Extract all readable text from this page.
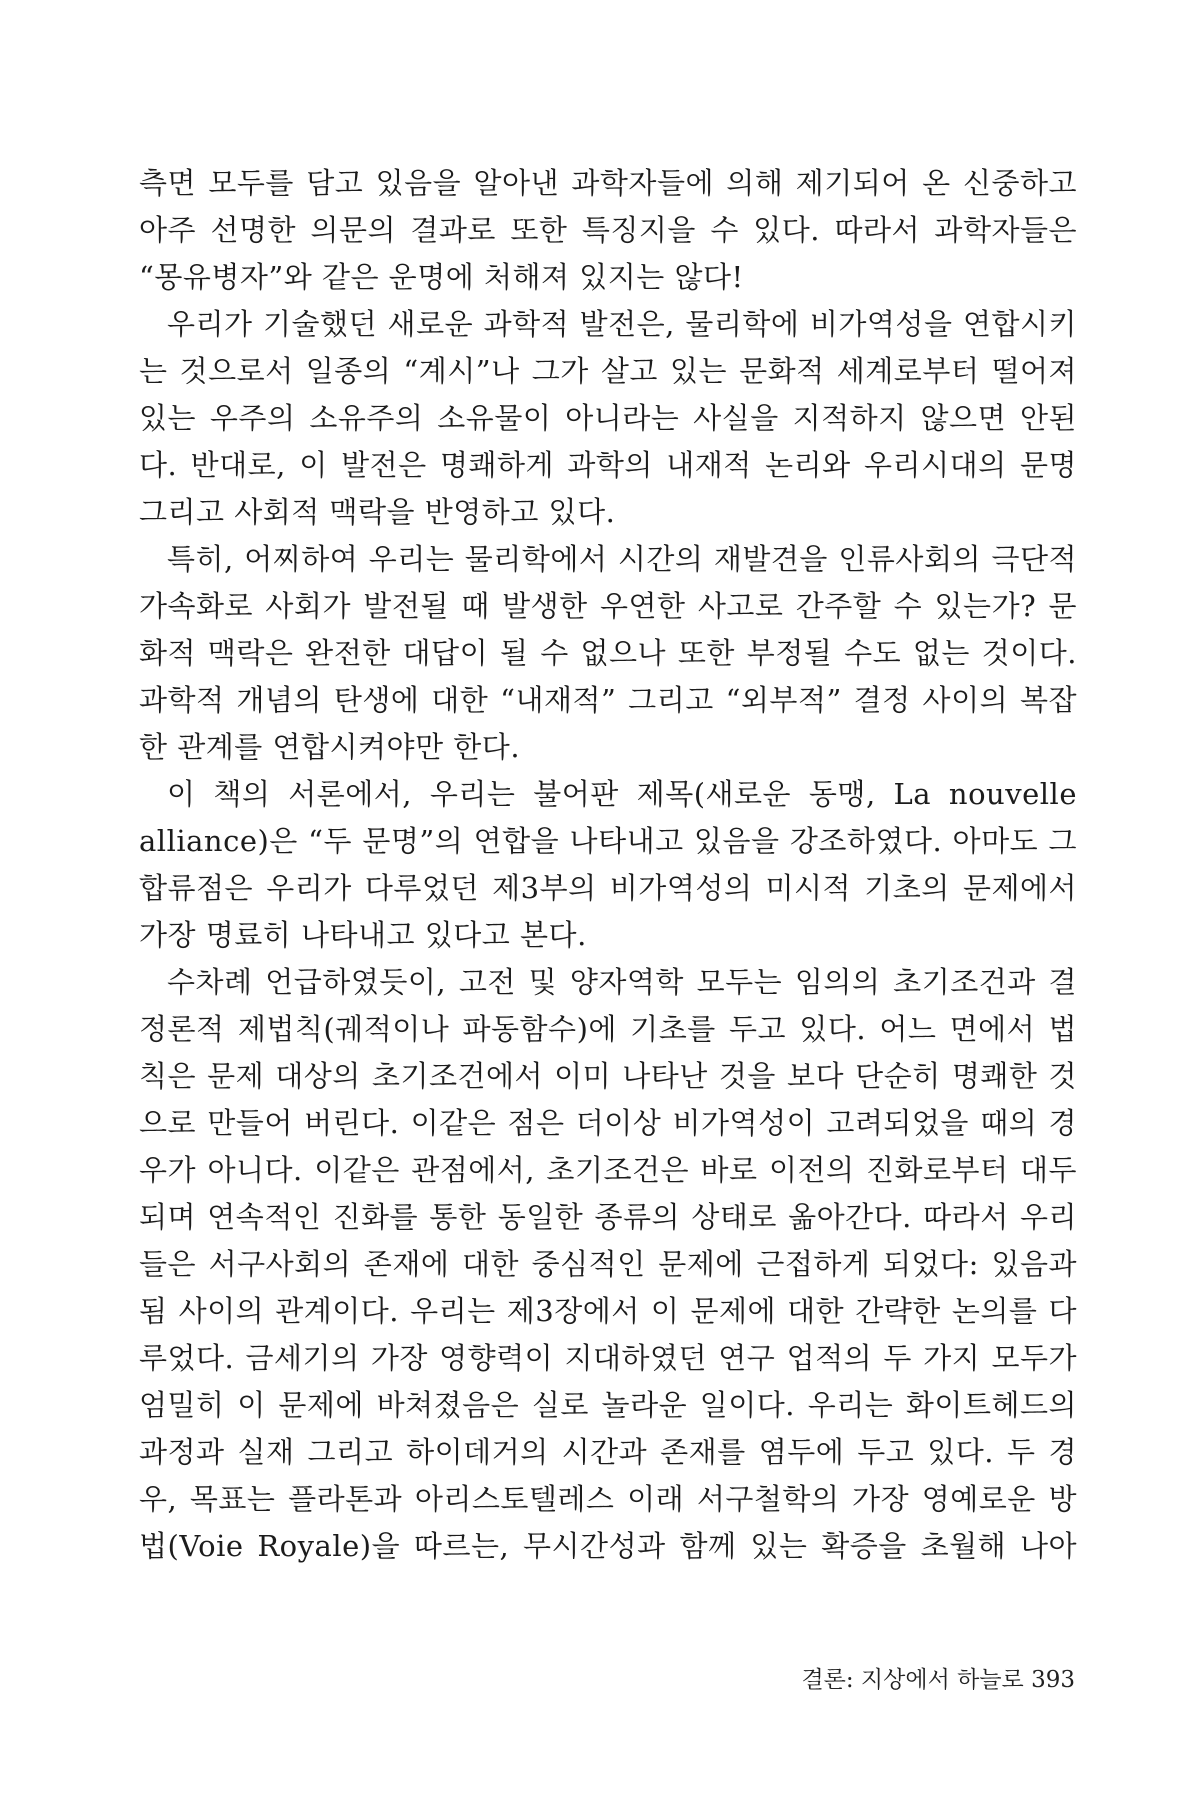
측면 모두를 담고 있음을 알아낸 과학자들에 의해 제기되어 온 신중하고
아주 선명한 의문의 결과로 또한 특징지을 수 있다. 따라서 과학자들은
“몽유병자”와 같은 운명에 처해져 있지는 않다!
우리가 기술했던 새로운 과학적 발전은, 물리학에 비가역성을 연합시키
는 것으로서 일종의 “계시”나 그가 살고 있는 문화적 세계로부터 떨어져
있는 우주의 소유주의 소유물이 아니라는 사실을 지적하지 않으면 안된
다. 반대로, 이 발전은 명쾌하게 과학의 내재적 논리와 우리시대의 문명
그리고 사회적 맥락을 반영하고 있다.
특히, 어찌하여 우리는 물리학에서 시간의 재발견을 인류사회의 극단적
가속화로 사회가 발전될 때 발생한 우연한 사고로 간주할 수 있는가? 문
화적 맥락은 완전한 대답이 될 수 없으나 또한 부정될 수도 없는 것이다.
과학적 개념의 탄생에 대한 “내재적” 그리고 “외부적” 결정 사이의 복잡
한 관계를 연합시켜야만 한다.
이 책의 서론에서, 우리는 불어판 제목(새로운 동맹, La nouvelle
alliance)은 “두 문명”의 연합을 나타내고 있음을 강조하였다. 아마도 그
합류점은 우리가 다루었던 제3부의 비가역성의 미시적 기초의 문제에서
가장 명료히 나타내고 있다고 본다.
수차례 언급하였듯이, 고전 및 양자역학 모두는 임의의 초기조건과 결
정론적 제법칙(궤적이나 파동함수)에 기초를 두고 있다. 어느 면에서 법
칙은 문제 대상의 초기조건에서 이미 나타난 것을 보다 단순히 명쾌한 것
으로 만들어 버린다. 이같은 점은 더이상 비가역성이 고려되었을 때의 경
우가 아니다. 이같은 관점에서, 초기조건은 바로 이전의 진화로부터 대두
되며 연속적인 진화를 통한 동일한 종류의 상태로 옮아간다. 따라서 우리
들은 서구사회의 존재에 대한 중심적인 문제에 근접하게 되었다: 있음과
됨 사이의 관계이다. 우리는 제3장에서 이 문제에 대한 간략한 논의를 다
루었다. 금세기의 가장 영향력이 지대하였던 연구 업적의 두 가지 모두가
엄밀히 이 문제에 바쳐졌음은 실로 놀라운 일이다. 우리는 화이트헤드의
과정과 실재 그리고 하이데거의 시간과 존재를 염두에 두고 있다. 두 경
우, 목표는 플라톤과 아리스토텔레스 이래 서구철학의 가장 영예로운 방
법(Voie Royale)을 따르는, 무시간성과 함께 있는 확증을 초월해 나아
결론: 지상에서 하늘로 393
